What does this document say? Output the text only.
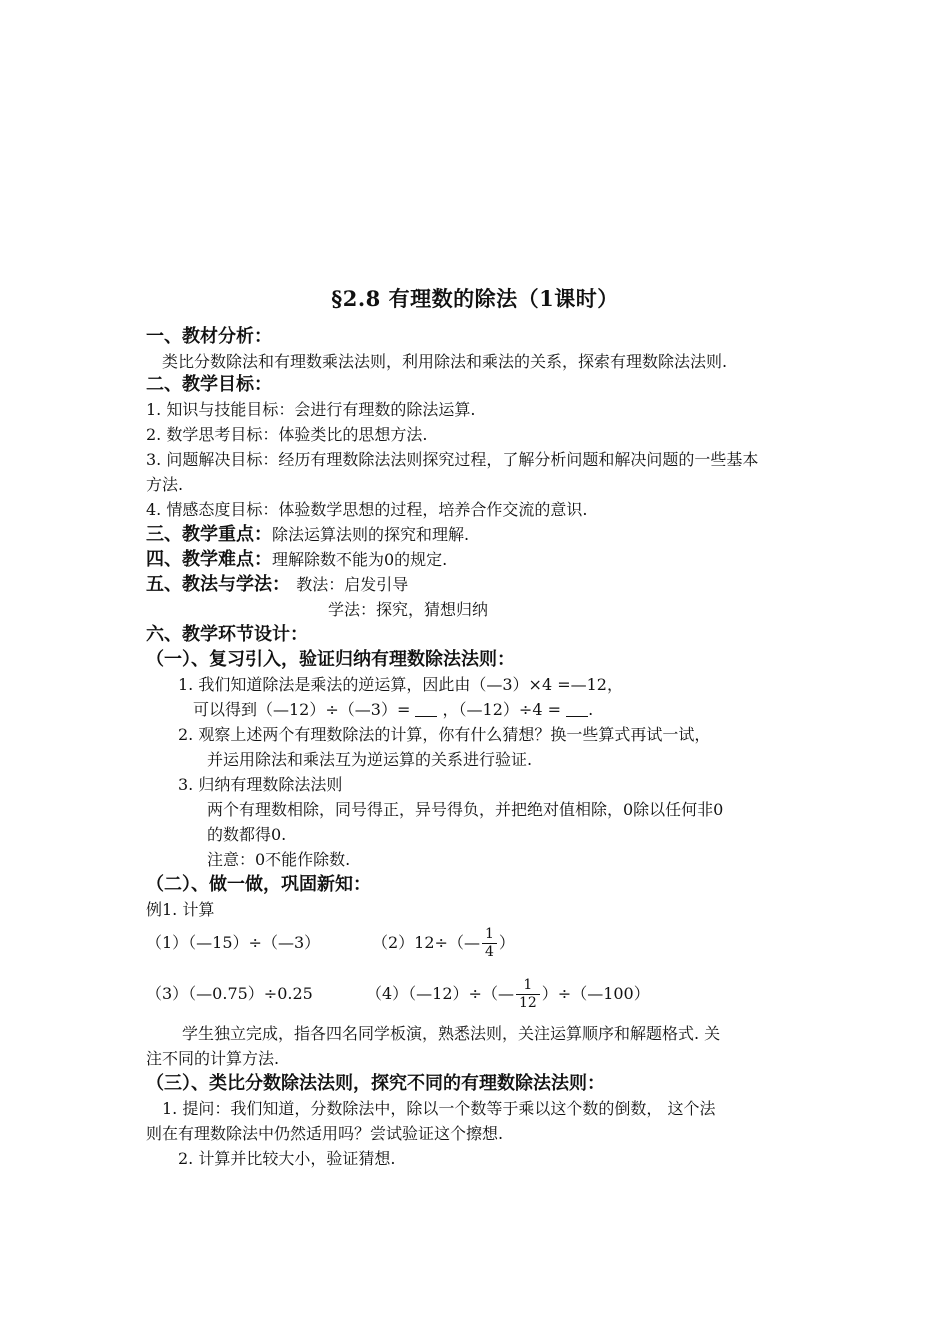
§2.8 有理数的除法（1课时）
一、教材分析：
类比分数除法和有理数乘法法则，利用除法和乘法的关系，探索有理数除法法则.
二、教学目标：
1. 知识与技能目标：会进行有理数的除法运算.
2. 数学思考目标：体验类比的思想方法.
3. 问题解决目标：经历有理数除法法则探究过程，了解分析问题和解决问题的一些基本
方法.
4. 情感态度目标：体验数学思想的过程，培养合作交流的意识.
三、教学重点：除法运算法则的探究和理解.
四、教学难点：理解除数不能为0的规定.
五、教法与学法： 教法：启发引导
学法：探究，猜想归纳
六、教学环节设计：
（一）、复习引入，验证归纳有理数除法法则：
1. 我们知道除法是乘法的逆运算，因此由（—3）×4 =—12，
可以得到（—12）÷（—3）= ，（—12）÷4 = .
2. 观察上述两个有理数除法的计算，你有什么猜想？换一些算式再试一试，
并运用除法和乘法互为逆运算的关系进行验证.
3. 归纳有理数除法法则
两个有理数相除，同号得正，异号得负，并把绝对值相除，0除以任何非0
的数都得0.
注意：0不能作除数.
（二）、做一做，巩固新知：
例1. 计算
（1）（—15）÷（—3）	（2）12÷（— $\frac{1}{4}$ ）
（3）（—0.75）÷0.25	（4）（—12）÷（— $\frac{1}{12}$ ）÷（—100）
学生独立完成，指各四名同学板演，熟悉法则，关注运算顺序和解题格式. 关
注不同的计算方法.
（三）、类比分数除法法则，探究不同的有理数除法法则：
1. 提问：我们知道，分数除法中，除以一个数等于乘以这个数的倒数， 这个法
则在有理数除法中仍然适用吗？尝试验证这个擦想.
2. 计算并比较大小，验证猜想.
